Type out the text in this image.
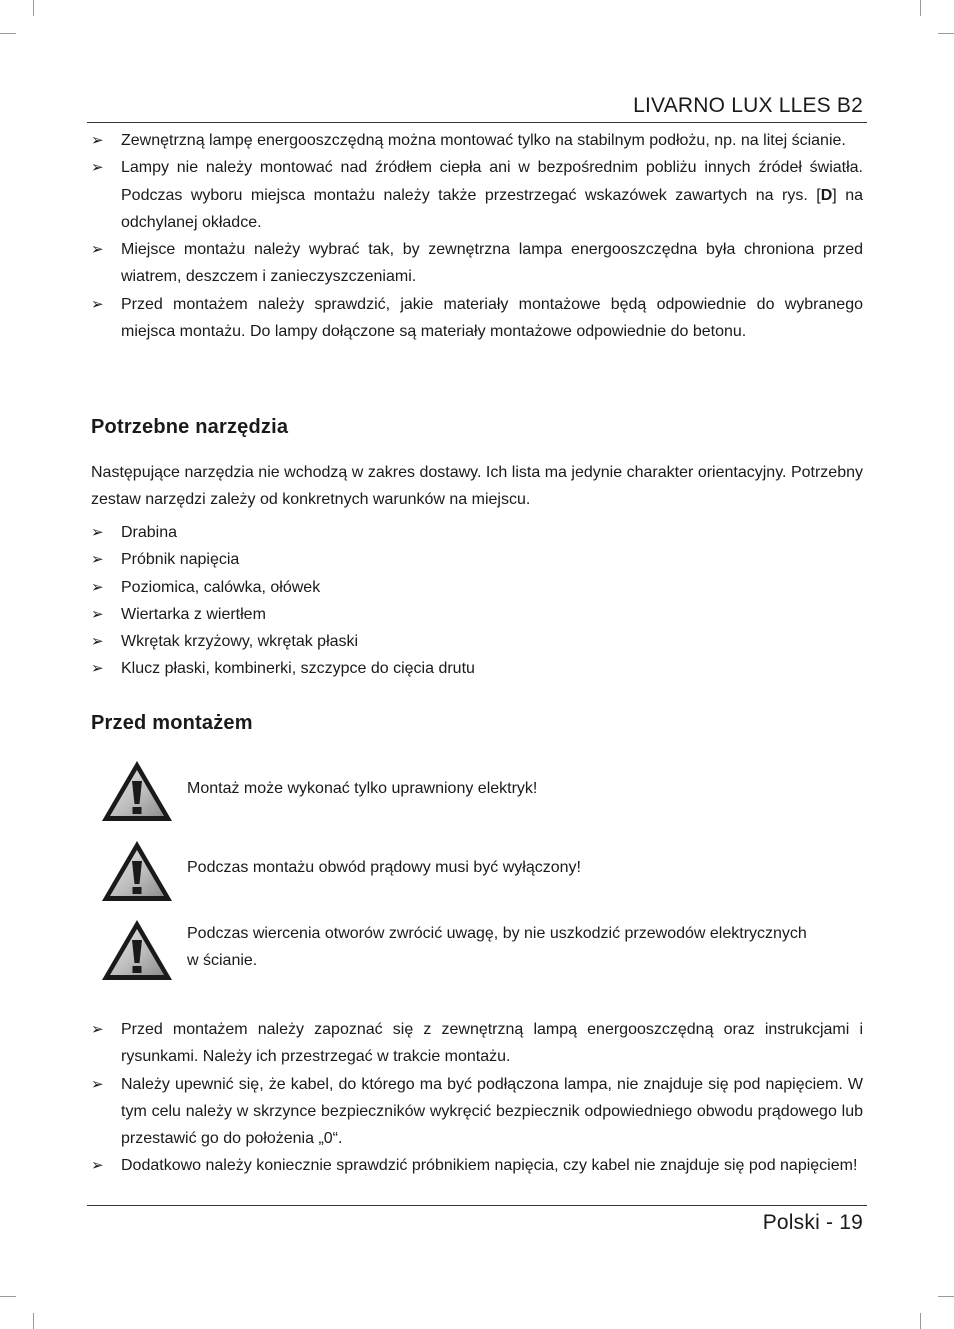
LIVARNO LUX LLES B2
➢ Zewnętrzną lampę energooszczędną można montować tylko na stabilnym podłożu, np. na litej ścianie.
➢ Lampy nie należy montować nad źródłem ciepła ani w bezpośrednim pobliżu innych źródeł światła. Podczas wyboru miejsca montażu należy także przestrzegać wskazówek zawartych na rys. [D] na odchylanej okładce.
➢ Miejsce montażu należy wybrać tak, by zewnętrzna lampa energooszczędna była chroniona przed wiatrem, deszczem i zanieczyszczeniami.
➢ Przed montażem należy sprawdzić, jakie materiały montażowe będą odpowiednie do wybranego miejsca montażu. Do lampy dołączone są materiały montażowe odpowiednie do betonu.
Potrzebne narzędzia

Następujące narzędzia nie wchodzą w zakres dostawy. Ich lista ma jedynie charakter orientacyjny. Potrzebny zestaw narzędzi zależy od konkretnych warunków na miejscu.

➢ Drabina
➢ Próbnik napięcia
➢ Poziomica, calówka, ołówek
➢ Wiertarka z wiertłem
➢ Wkrętak krzyżowy, wkrętak płaski
➢ Klucz płaski, kombinerki, szczypce do cięcia drutu
Przed montażem
Montaż może wykonać tylko uprawniony elektryk!
Podczas montażu obwód prądowy musi być wyłączony!
Podczas wiercenia otworów zwrócić uwagę, by nie uszkodzić przewodów elektrycznych
w ścianie.
➢ Przed montażem należy zapoznać się z zewnętrzną lampą energooszczędną oraz instrukcjami i rysunkami. Należy ich przestrzegać w trakcie montażu.
➢ Należy upewnić się, że kabel, do którego ma być podłączona lampa, nie znajduje się pod napięciem. W tym celu należy w skrzynce bezpieczników wykręcić bezpiecznik odpowiedniego obwodu prądowego lub przestawić go do położenia „0“.
➢ Dodatkowo należy koniecznie sprawdzić próbnikiem napięcia, czy kabel nie znajduje się pod napięciem!
Polski - 19
